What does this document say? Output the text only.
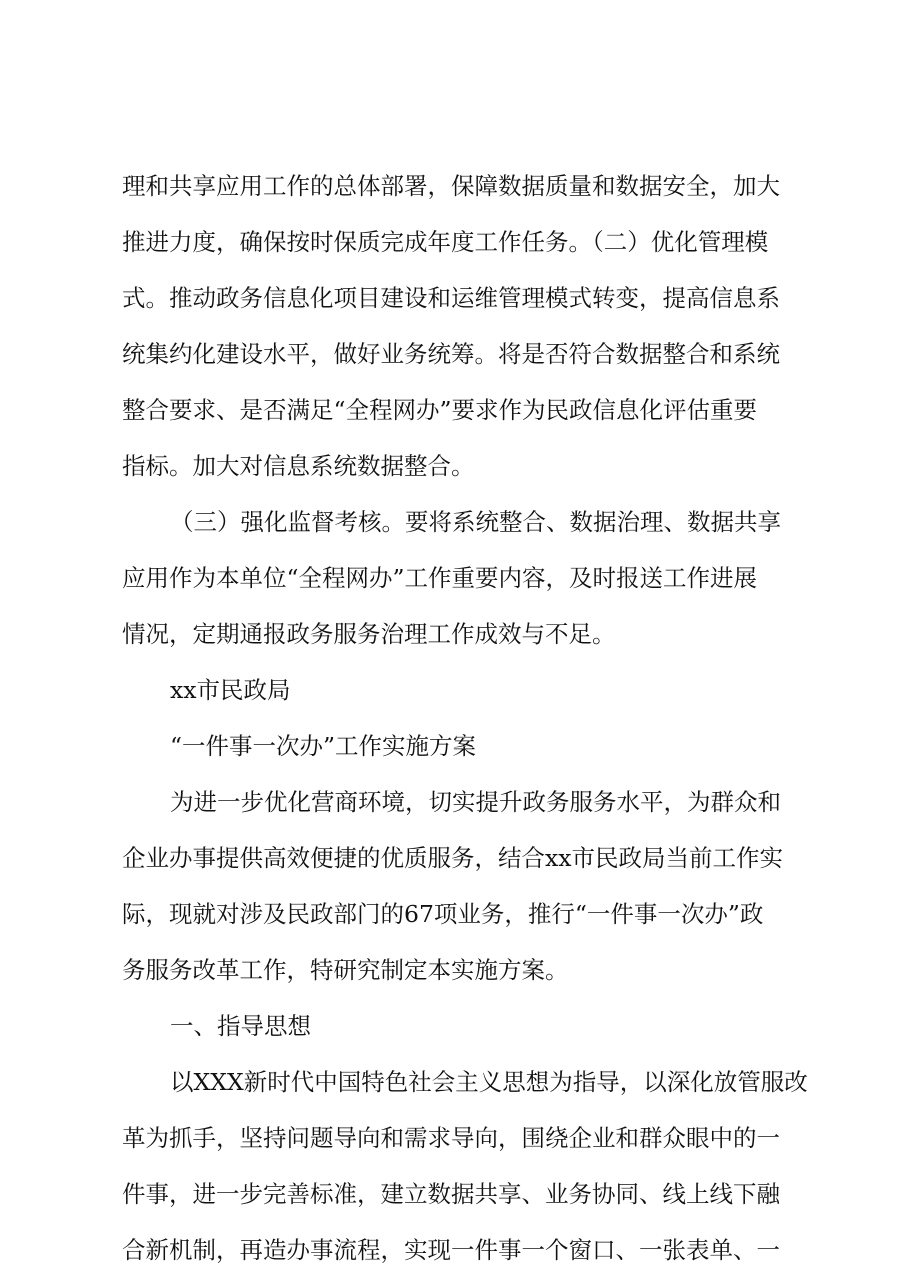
理和共享应用工作的总体部署，保障数据质量和数据安全，加大
推进力度，确保按时保质完成年度工作任务。（二）优化管理模
式。推动政务信息化项目建设和运维管理模式转变，提高信息系
统集约化建设水平，做好业务统筹。将是否符合数据整合和系统
整合要求、是否满足“全程网办”要求作为民政信息化评估重要
指标。加大对信息系统数据整合。
（三）强化监督考核。要将系统整合、数据治理、数据共享
应用作为本单位“全程网办”工作重要内容，及时报送工作进展
情况，定期通报政务服务治理工作成效与不足。
xx市民政局
“一件事一次办”工作实施方案
为进一步优化营商环境，切实提升政务服务水平，为群众和
企业办事提供高效便捷的优质服务，结合xx市民政局当前工作实
际，现就对涉及民政部门的67项业务，推行“一件事一次办”政
务服务改革工作，特研究制定本实施方案。
一、指导思想
以XXX新时代中国特色社会主义思想为指导，以深化放管服改
革为抓手，坚持问题导向和需求导向，围绕企业和群众眼中的一
件事，进一步完善标准，建立数据共享、业务协同、线上线下融
合新机制，再造办事流程，实现一件事一个窗口、一张表单、一
